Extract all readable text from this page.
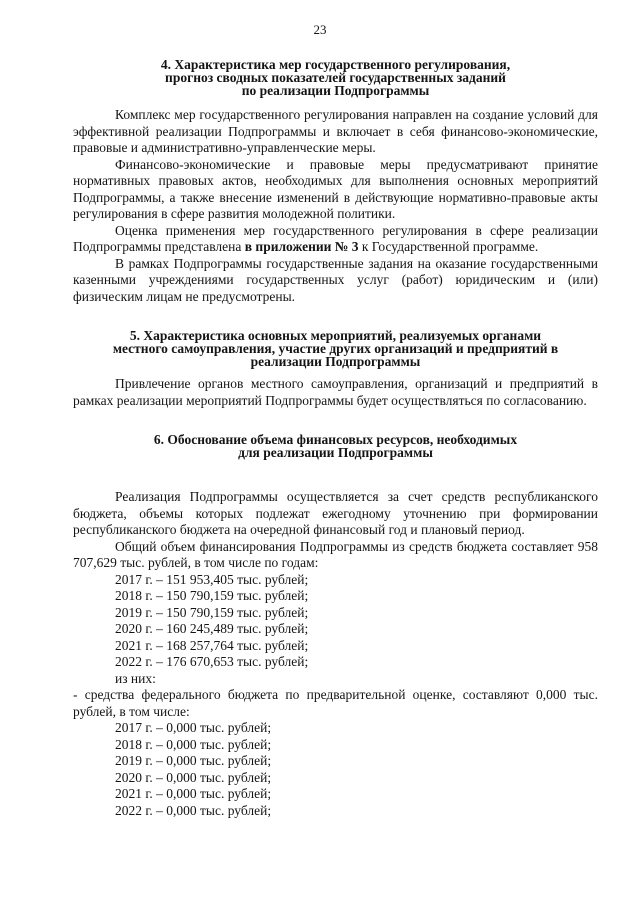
23
4. Характеристика мер государственного регулирования,
прогноз сводных показателей государственных заданий
по реализации Подпрограммы
Комплекс мер государственного регулирования направлен на создание условий для эффективной реализации Подпрограммы и включает в себя финансово-экономические, правовые и административно-управленческие меры.
Финансово-экономические и правовые меры предусматривают принятие нормативных правовых актов, необходимых для выполнения основных мероприятий Подпрограммы, а также внесение изменений в действующие нормативно-правовые акты регулирования в сфере развития молодежной политики.
Оценка применения мер государственного регулирования в сфере реализации Подпрограммы представлена в приложении № 3 к Государственной программе.
В рамках Подпрограммы государственные задания на оказание государственными казенными учреждениями государственных услуг (работ) юридическим и (или) физическим лицам не предусмотрены.
5. Характеристика основных мероприятий, реализуемых органами
местного самоуправления, участие других организаций и предприятий в
реализации Подпрограммы
Привлечение органов местного самоуправления, организаций и предприятий в рамках реализации мероприятий Подпрограммы будет осуществляться по согласованию.
6. Обоснование объема финансовых ресурсов, необходимых
для реализации Подпрограммы
Реализация Подпрограммы осуществляется за счет средств республиканского бюджета, объемы которых подлежат ежегодному уточнению при формировании республиканского бюджета на очередной финансовый год и плановый период.
Общий объем финансирования Подпрограммы из средств бюджета составляет 958 707,629 тыс. рублей, в том числе по годам:
2017 г. – 151 953,405 тыс. рублей;
2018 г. – 150 790,159 тыс. рублей;
2019 г. – 150 790,159 тыс. рублей;
2020 г. – 160 245,489 тыс. рублей;
2021 г. – 168 257,764 тыс. рублей;
2022 г. – 176 670,653 тыс. рублей;
из них:
- средства федерального бюджета по предварительной оценке, составляют 0,000 тыс. рублей, в том числе:
2017 г. – 0,000 тыс. рублей;
2018 г. – 0,000 тыс. рублей;
2019 г. – 0,000 тыс. рублей;
2020 г. – 0,000 тыс. рублей;
2021 г. – 0,000 тыс. рублей;
2022 г. – 0,000 тыс. рублей;
